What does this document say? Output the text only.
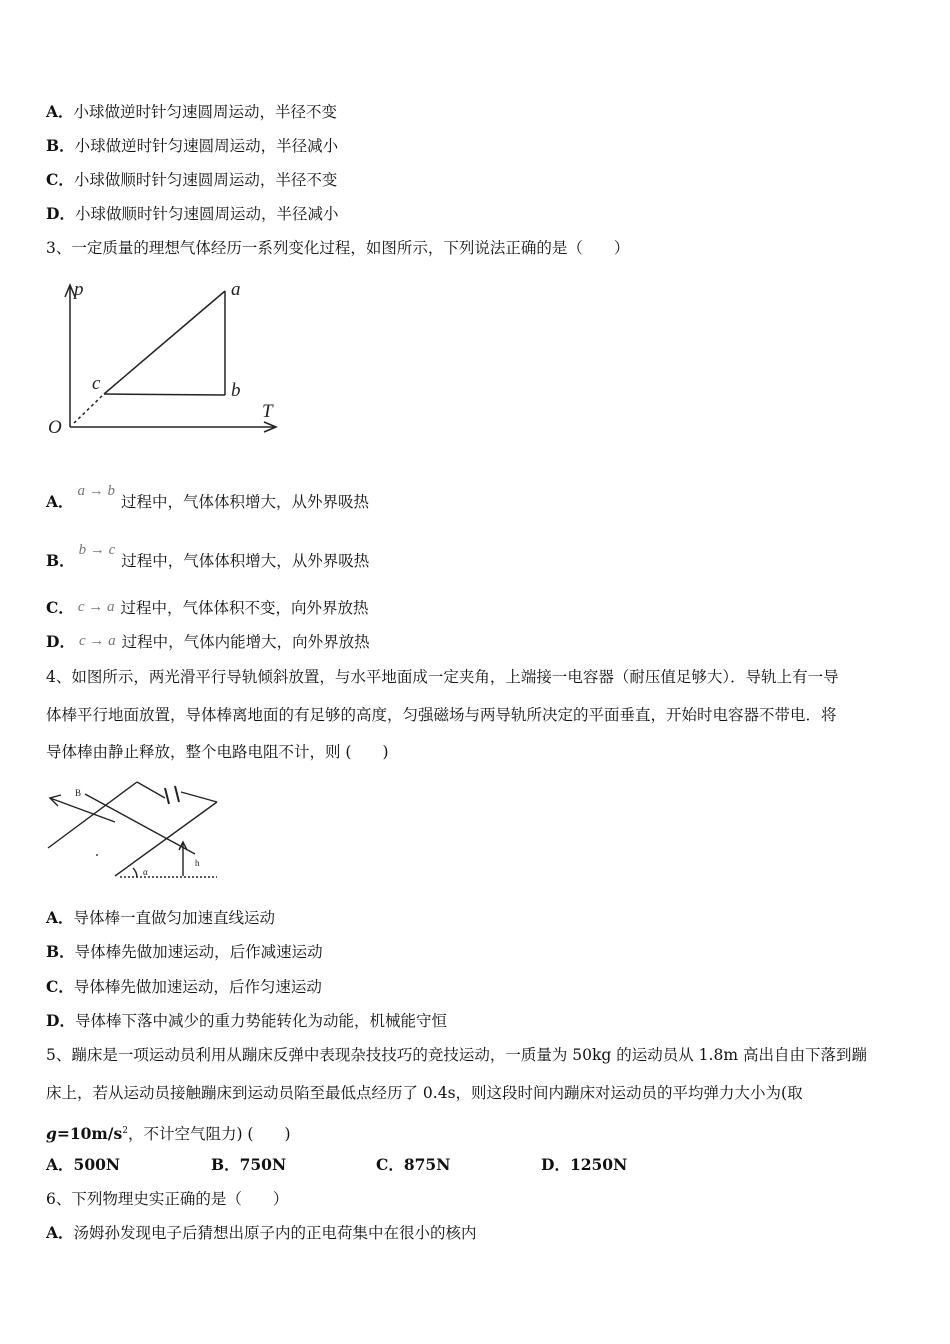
A．小球做逆时针匀速圆周运动，半径不变
B．小球做逆时针匀速圆周运动，半径减小
C．小球做顺时针匀速圆周运动，半径不变
D．小球做顺时针匀速圆周运动，半径减小
3、一定质量的理想气体经历一系列变化过程，如图所示，下列说法正确的是（　　）
p
T
O
a
b
c
A．a → b过程中，气体体积增大，从外界吸热
B．b → c过程中，气体体积增大，从外界吸热
C． c → a 过程中，气体体积不变，向外界放热
D． c → a 过程中，气体内能增大，向外界放热
4、如图所示，两光滑平行导轨倾斜放置，与水平地面成一定夹角，上端接一电容器（耐压值足够大）．导轨上有一导
体棒平行地面放置，导体棒离地面的有足够的高度，匀强磁场与两导轨所决定的平面垂直，开始时电容器不带电．将
导体棒由静止释放，整个电路电阻不计，则 (　　)
B
h
α
A．导体棒一直做匀加速直线运动
B．导体棒先做加速运动，后作减速运动
C．导体棒先做加速运动，后作匀速运动
D．导体棒下落中减少的重力势能转化为动能，机械能守恒
5、蹦床是一项运动员利用从蹦床反弹中表现杂技技巧的竞技运动，一质量为 50kg 的运动员从 1.8m 高出自由下落到蹦
床上，若从运动员接触蹦床到运动员陷至最低点经历了 0.4s，则这段时间内蹦床对运动员的平均弹力大小为(取
$g=10m/s^2$，不计空气阻力) (　　)
A．500N	B．750N	C．875N	D．1250N
6、下列物理史实正确的是（　　）
A．汤姆孙发现电子后猜想出原子内的正电荷集中在很小的核内
